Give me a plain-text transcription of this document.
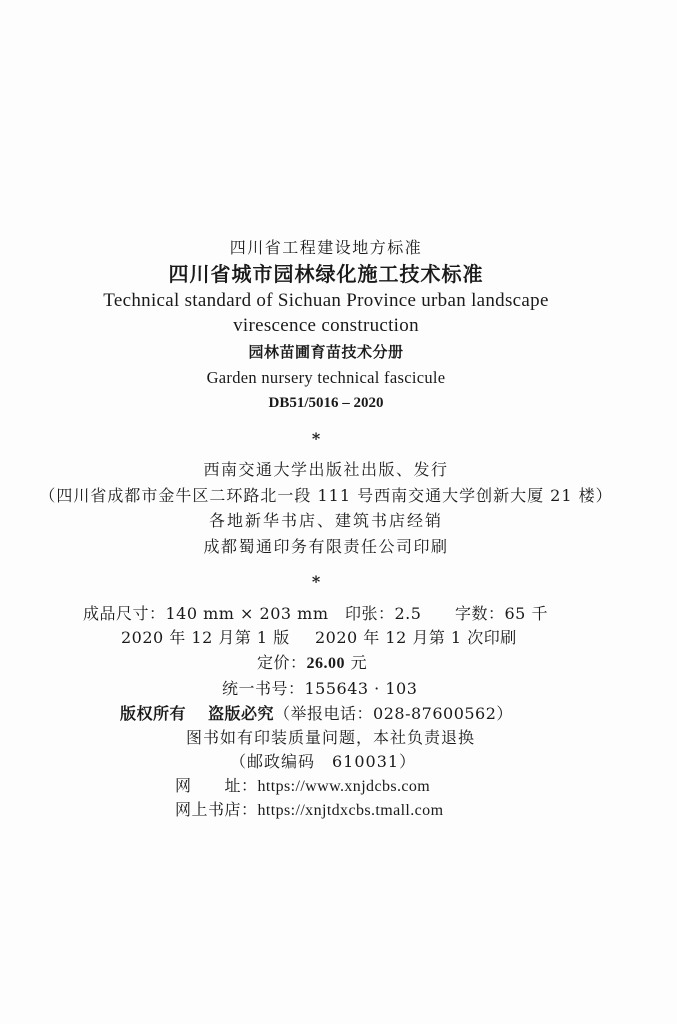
四川省工程建设地方标准
四川省城市园林绿化施工技术标准
Technical standard of Sichuan Province urban landscape
virescence construction
园林苗圃育苗技术分册
Garden nursery technical fascicule
DB51/5016 – 2020
*
西南交通大学出版社出版、发行
（四川省成都市金牛区二环路北一段 111 号西南交通大学创新大厦 21 楼）
各地新华书店、建筑书店经销
成都蜀通印务有限责任公司印刷
*
成品尺寸：140 mm × 203 mm 印张：2.5 字数：65 千
2020 年 12 月第 1 版 2020 年 12 月第 1 次印刷
定价：26.00 元
统一书号：155643 · 103
版权所有 盗版必究（举报电话：028-87600562）
图书如有印装质量问题，本社负责退换
（邮政编码　610031）
网　　址：https://www.xnjdcbs.com
网上书店：https://xnjtdxcbs.tmall.com
